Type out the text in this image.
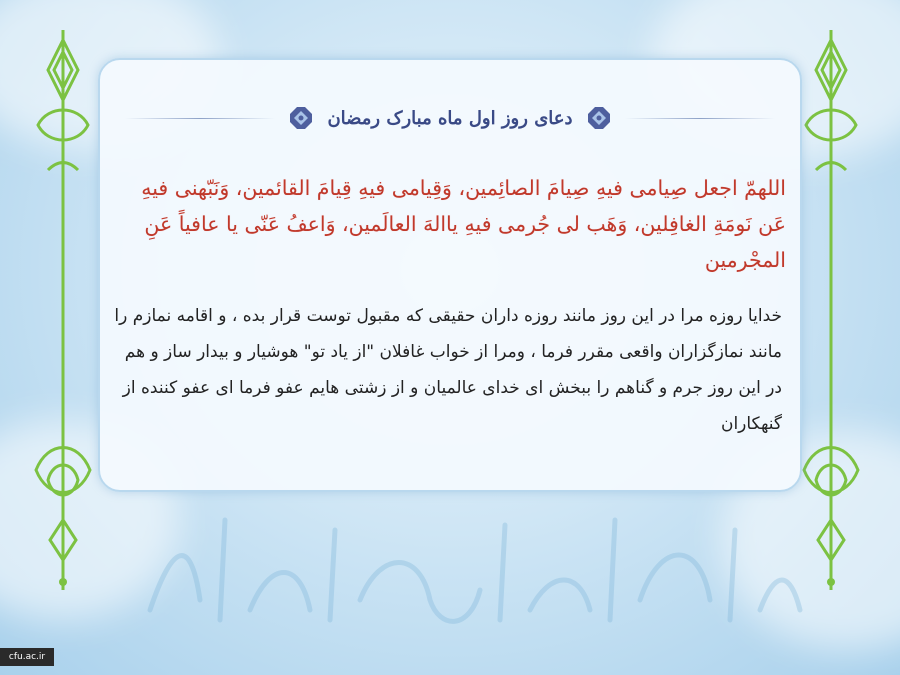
دعای روز اول ماه مبارک رمضان
اللهمّ اجعل صِیامی فیهِ صِیامَ الصائِمین، وَقِیامی فیهِ قِیامَ القائمین، وَنَبّهنی فیهِ عَن نَومَةِ الغافِلین، وَهَب لی جُرمی فیهِ یاالهَ العالَمین، وَاعفُ عَنّی یا عافیاً عَنِ المجْرمین
خدایا روزه مرا در این روز مانند روزه داران حقیقی که مقبول توست قرار بده ، و اقامه نمازم را مانند نمازگزاران واقعی مقرر فرما ، ومرا از خواب غافلان "از یاد تو" هوشیار و بیدار ساز و هم در این روز جرم و گناهم را ببخش ای خدای عالمیان و از زشتی هایم عفو فرما ای عفو کننده از گنهکاران
cfu.ac.ir
